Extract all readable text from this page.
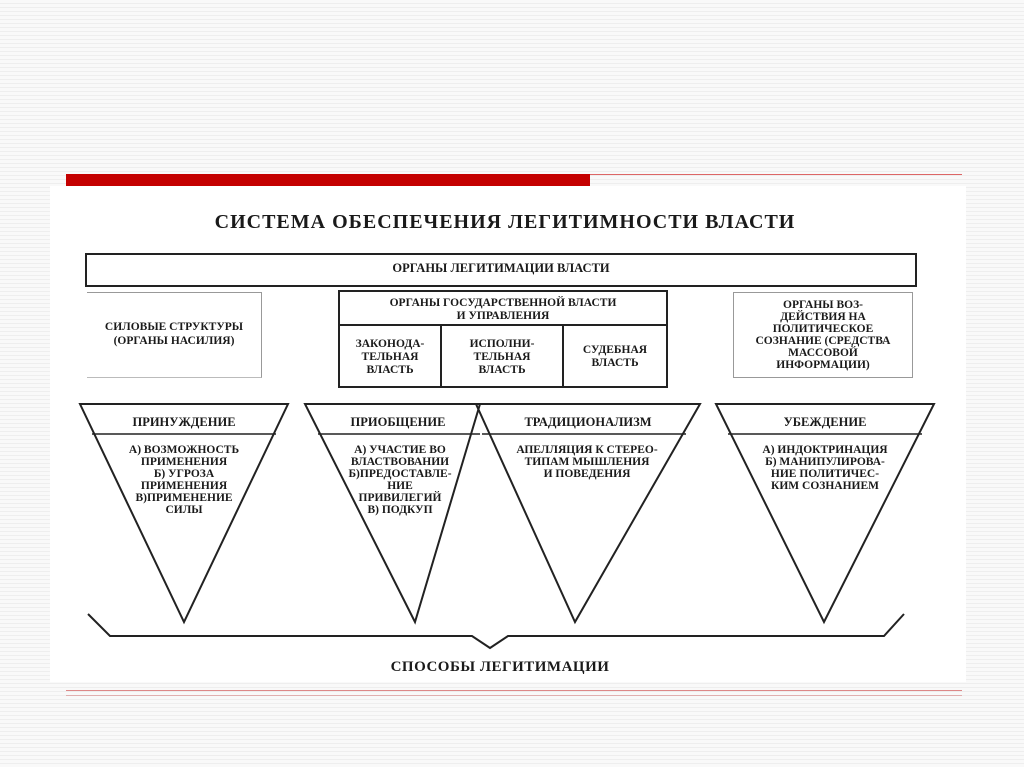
СИСТЕМА ОБЕСПЕЧЕНИЯ ЛЕГИТИМНОСТИ ВЛАСТИ
ОРГАНЫ ЛЕГИТИМАЦИИ ВЛАСТИ
СИЛОВЫЕ СТРУКТУРЫ
(ОРГАНЫ НАСИЛИЯ)
ОРГАНЫ ГОСУДАРСТВЕННОЙ ВЛАСТИ
И УПРАВЛЕНИЯ
ЗАКОНОДА-
ТЕЛЬНАЯ
ВЛАСТЬ
ИСПОЛНИ-
ТЕЛЬНАЯ
ВЛАСТЬ
СУДЕБНАЯ
ВЛАСТЬ
ОРГАНЫ ВОЗ-
ДЕЙСТВИЯ НА
ПОЛИТИЧЕСКОЕ
СОЗНАНИЕ (СРЕДСТВА
МАССОВОЙ
ИНФОРМАЦИИ)
ПРИНУЖДЕНИЕ
А) ВОЗМОЖНОСТЬ
ПРИМЕНЕНИЯ
Б) УГРОЗА
ПРИМЕНЕНИЯ
В)ПРИМЕНЕНИЕ
СИЛЫ
ПРИОБЩЕНИЕ
А) УЧАСТИЕ ВО
ВЛАСТВОВАНИИ
Б)ПРЕДОСТАВЛЕ-
НИЕ
ПРИВИЛЕГИЙ
В) ПОДКУП
ТРАДИЦИОНАЛИЗМ
АПЕЛЛЯЦИЯ К СТЕРЕО-
ТИПАМ МЫШЛЕНИЯ
И ПОВЕДЕНИЯ
УБЕЖДЕНИЕ
А) ИНДОКТРИНАЦИЯ
Б) МАНИПУЛИРОВА-
НИЕ ПОЛИТИЧЕС-
КИМ СОЗНАНИЕМ
СПОСОБЫ ЛЕГИТИМАЦИИ
